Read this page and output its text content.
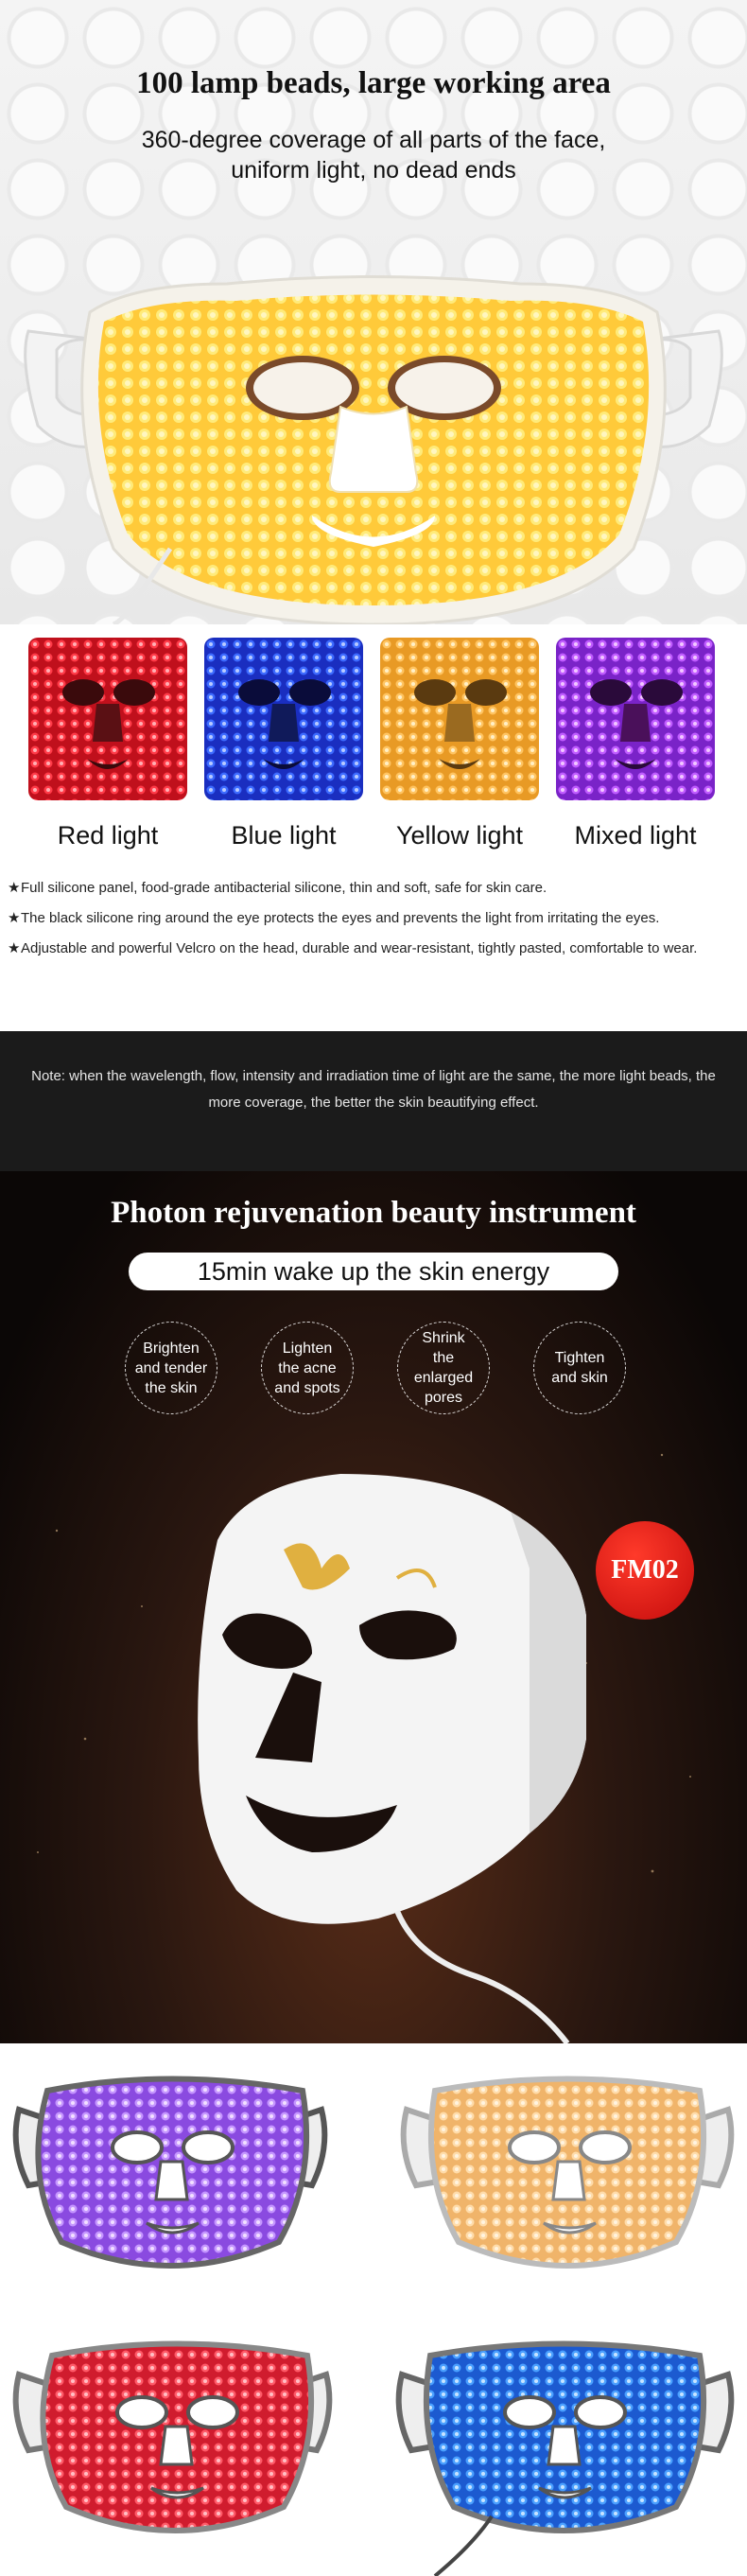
100 lamp beads, large working area
360-degree coverage of all parts of the face,
uniform light, no dead ends
Red light	Blue light	Yellow light	Mixed light
★Full silicone panel, food-grade antibacterial silicone, thin and soft, safe for skin care.
★The black silicone ring around the eye protects the eyes and prevents the light from irritating the eyes.
★Adjustable and powerful Velcro on the head, durable and wear-resistant, tightly pasted, comfortable to wear.
Note: when the wavelength, flow, intensity and irradiation time of light are the same, the more light beads, the more coverage, the better the skin beautifying effect.
Photon rejuvenation beauty instrument
15min wake up the skin energy
Brighten
and tender
the skin
Lighten
the acne
and spots
Shrink
the enlarged
pores
Tighten
and skin
FM02
